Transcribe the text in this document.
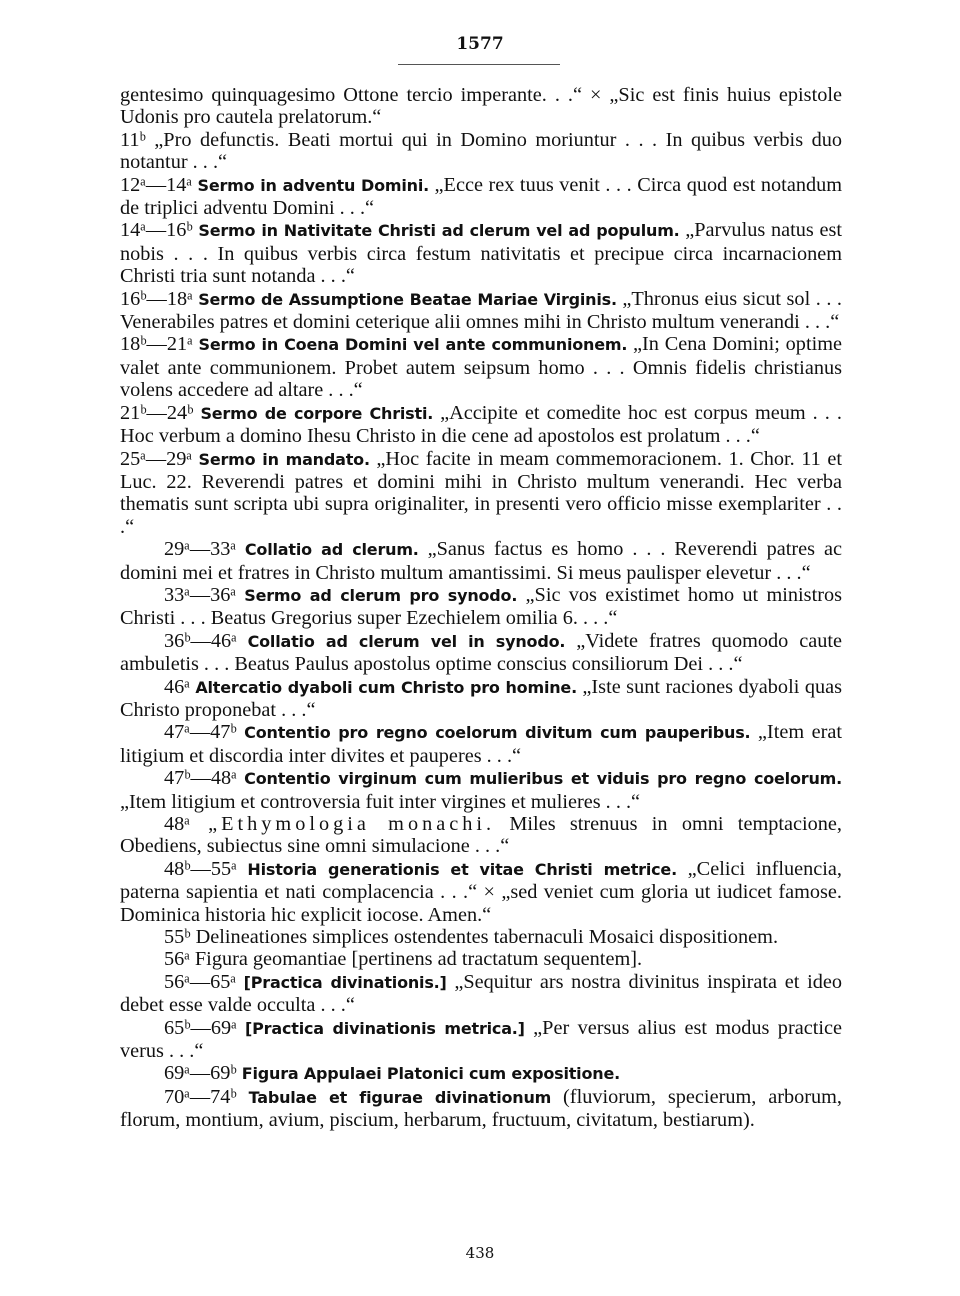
1577

gentesimo quinquagesimo Ottone tercio imperante. . .“ × „Sic est finis huius epistole Udonis pro cautela prelatorum.“

11ᵇ „Pro defunctis. Beati mortui qui in Domino moriuntur . . . In quibus verbis duo notantur . . .“

12ᵃ—14ᵃ Sermo in adventu Domini. „Ecce rex tuus venit . . . Circa quod est notandum de triplici adventu Domini . . .“

14ᵃ—16ᵇ Sermo in Nativitate Christi ad clerum vel ad populum. „Parvulus natus est nobis . . . In quibus verbis circa festum nativitatis et precipue circa incarnacionem Christi tria sunt notanda . . .“

16ᵇ—18ᵃ Sermo de Assumptione Beatae Mariae Virginis. „Thronus eius sicut sol . . . Venerabiles patres et domini ceterique alii omnes mihi in Christo multum venerandi . . .“

18ᵇ—21ᵃ Sermo in Coena Domini vel ante communionem. „In Cena Domini; optime valet ante communionem. Probet autem seipsum homo . . . Omnis fidelis christianus volens accedere ad altare . . .“

21ᵇ—24ᵇ Sermo de corpore Christi. „Accipite et comedite hoc est corpus meum . . . Hoc verbum a domino Ihesu Christo in die cene ad apostolos est prolatum . . .“

25ᵃ—29ᵃ Sermo in mandato. „Hoc facite in meam commemoracionem. 1. Chor. 11 et Luc. 22. Reverendi patres et domini mihi in Christo multum venerandi. Hec verba thematis sunt scripta ubi supra originaliter, in presenti vero officio misse exemplariter . . .“

29ᵃ—33ᵃ Collatio ad clerum. „Sanus factus es homo . . . Reverendi patres ac domini mei et fratres in Christo multum amantissimi. Si meus paulisper elevetur . . .“

33ᵃ—36ᵃ Sermo ad clerum pro synodo. „Sic vos existimet homo ut ministros Christi . . . Beatus Gregorius super Ezechielem omilia 6. . . .“

36ᵇ—46ᵃ Collatio ad clerum vel in synodo. „Videte fratres quomodo caute ambuletis . . . Beatus Paulus apostolus optime conscius consiliorum Dei . . .“

46ᵃ Altercatio dyaboli cum Christo pro homine. „Iste sunt raciones dyaboli quas Christo proponebat . . .“

47ᵃ—47ᵇ Contentio pro regno coelorum divitum cum pauperibus. „Item erat litigium et discordia inter divites et pauperes . . .“

47ᵇ—48ᵃ Contentio virginum cum mulieribus et viduis pro regno coelorum. „Item litigium et controversia fuit inter virgines et mulieres . . .“

48ᵃ „Ethymologia monachi. Miles strenuus in omni temptacione, Obediens, subiectus sine omni simulacione . . .“

48ᵇ—55ᵃ Historia generationis et vitae Christi metrice. „Celici influencia, paterna sapientia et nati complacencia . . .“ × „sed veniet cum gloria ut iudicet famose. Dominica historia hic explicit iocose. Amen.“

55ᵇ Delineationes simplices ostendentes tabernaculi Mosaici dispositionem.

56ᵃ Figura geomantiae [pertinens ad tractatum sequentem].

56ᵃ—65ᵃ [Practica divinationis.] „Sequitur ars nostra divinitus inspirata et ideo debet esse valde occulta . . .“

65ᵇ—69ᵃ [Practica divinationis metrica.] „Per versus alius est modus practice verus . . .“

69ᵃ—69ᵇ Figura Appulaei Platonici cum expositione.

70ᵃ—74ᵇ Tabulae et figurae divinationum (fluviorum, specierum, arborum, florum, montium, avium, piscium, herbarum, fructuum, civitatum, bestiarum).

438
